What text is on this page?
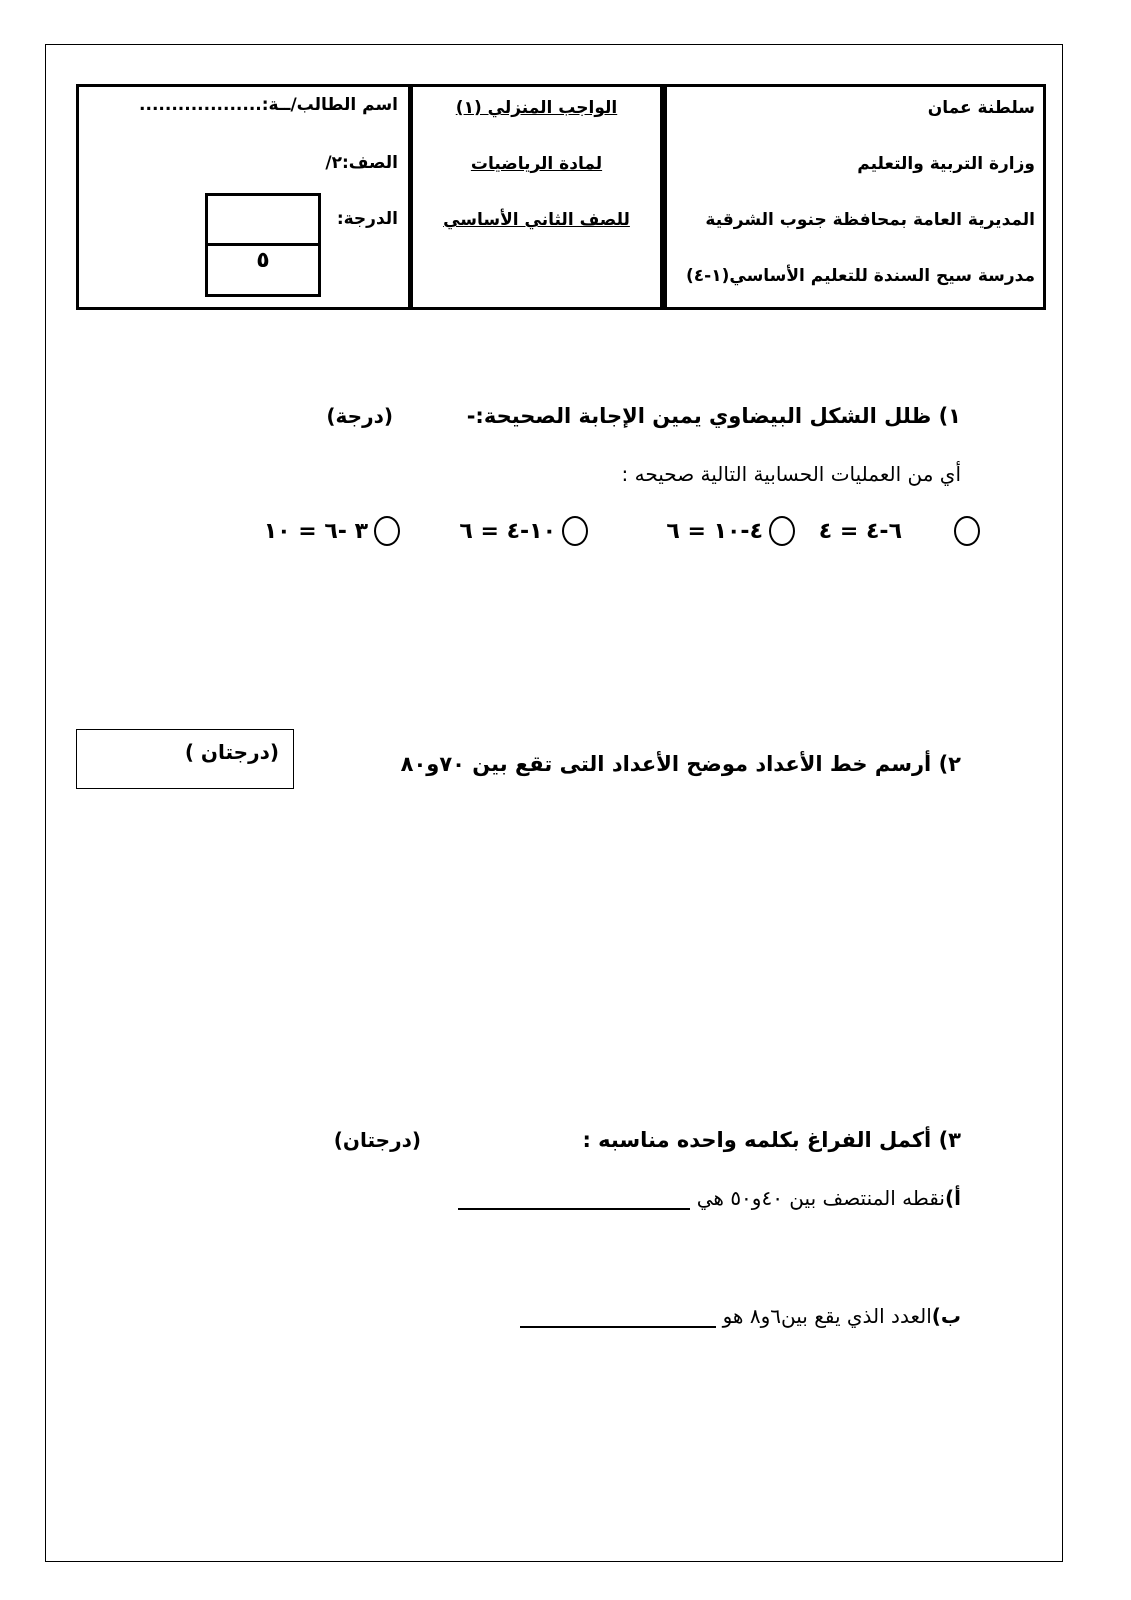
سلطنة عمان
وزارة التربية والتعليم
المديرية العامة بمحافظة جنوب الشرقية
مدرسة سيح السندة للتعليم الأساسي(١-٤)
الواجب المنزلي (١)
لمادة الرياضيات
للصف الثاني الأساسي
اسم الطالب/ــة:...................
الصف:٢/
الدرجة:
٥
١) ظلل الشكل البيضاوي يمين الإجابة الصحيحة:-
(درجة)
أي من العمليات الحسابية التالية صحيحه :
٦-٤ = ٤
٤-١٠ = ٦
١٠-٤ = ٦
٣ -٦ = ١٠
٢) أرسم خط الأعداد موضح الأعداد التى تقع بين ٧٠و٨٠
(درجتان )
٣) أكمل الفراغ بكلمه واحده مناسبه :
(درجتان)
أ)نقطه المنتصف بين ٤٠و٥٠ هي
ب)العدد الذي يقع بين٦و٨ هو
